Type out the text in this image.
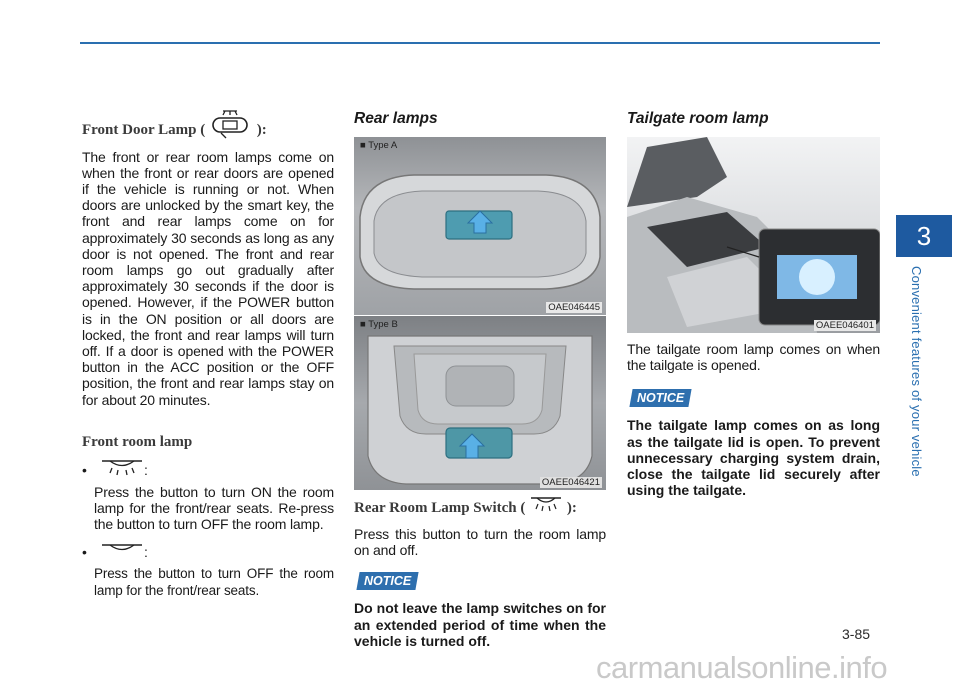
Front Door Lamp (	):

The front or rear room lamps come on when the front or rear doors are opened if the vehicle is running or not. When doors are unlocked by the smart key, the front and rear lamps come on for approximately 30 seconds as long as any door is not opened. The front and rear room lamps go out gradually after approximately 30 seconds if the door is opened. However, if the POWER button is in the ON position or all doors are locked, the front and rear lamps will turn off. If a door is opened with the POWER button in the ACC position or the OFF position, the front and rear lamps stay on for about 20 minutes.

Front room lamp
•	:

Press the button to turn ON the room lamp for the front/rear seats. Re-press the button to turn OFF the room lamp.

•	:

Press the button to turn OFF the room lamp for the front/rear seats.

Rear lamps
■ Type A
OAE046445
■ Type B
OAEE046421
Rear Room Lamp Switch (	):

Press this button to turn the room lamp on and off.

NOTICE

Do not leave the lamp switches on for an extended period of time when the vehicle is turned off.

Tailgate room lamp
OAEE046401

The tailgate room lamp comes on when the tailgate is opened.

NOTICE

The tailgate lamp comes on as long as the tailgate lid is open. To prevent unnecessary charging system drain, close the tailgate lid securely after using the tailgate.

3
Convenient features of your vehicle
3-85
carmanualsonline.info
